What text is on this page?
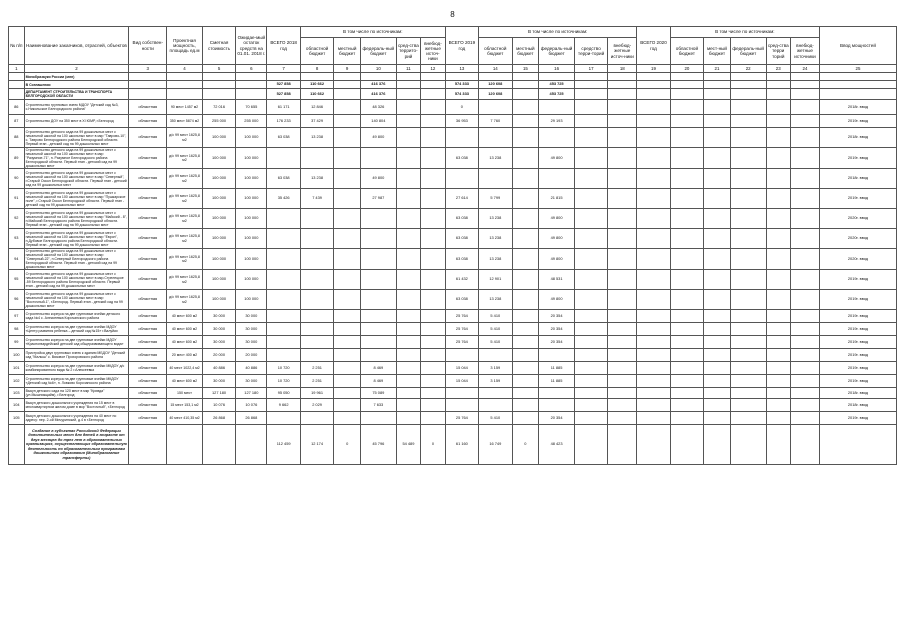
8
№ п/п	Наименование заказчиков, отраслей, объектов	Вид собствен-ности	Проектная мощность, площадь ед.м	Сметная стоимость	Ожидае-мый остаток средств на 01.01. 2018 г.	ВСЕГО 2018 год	В том числе по источникам:					ВСЕГО 2019 год	В том числе по источникам:					ВСЕГО 2020 год	В том числе по источникам:					Ввод мощностей
							областной бюджет	местный бюджет	федераль-ный бюджет	сред-ства террито-рий	внебюд-жетные источ-ники		областной бюджет	местный бюджет	федераль-ный бюджет	средство терри-торий	внебюд-жетные источ-ники		областной бюджет	мест-ный бюджет	федераль-ный бюджет	сред-ства терри торий	внебюд-жетные источники	
1	2	3	4	5	6	7	8	9	10	11	12	13	14	15	16	17	18	19	20	21	22	23	24	25
	Минобразауки России (млн)																							
	В Соглашении					527 858	110 662		416 376			574 333	120 608		453 725									
	ДЕПАРТАМЕНТ СТРОИТЕЛЬСТВА И ТРАНСПОРТА БЕЛГОРОДСКОЙ ОБЛАСТИ					527 858	110 662		416 376			574 333	120 608		453 725									
86	Строительство групповых ячеек МДОУ "Детский сад №3, с.Никольское Белгородского района"	областная	90 мест 1457 м2	72 016	70 655	61 171	12 846		48 326			0												2018г. ввод
87	Строительство ДОУ на 350 мест в XI ЮМР, г.Белгород	областная	350 мест 5874 м2	255 000	255 000	176 233	37 429		140 804			36 953	7 760		29 193									2019г. ввод
88	Строительство детского сада на 99 дошкольных мест с начальной школой на 100 школьных мест в мкр "Таврово-10", с. Таврово Белгородского района Белгородской области. Первый этап - детский сад на 99 дошкольных мест	областная	д/с 99 мест 1625,8 м2	100 000	100 000	63 038	13 238		49 800															2018г. ввод
89	Строительство детского сада на 99 дошкольных мест с начальной школой на 100 школьных мест в мкр "Разумное-71", п. Разумное Белгородского района Белгородской области. Первый этап - детский сад на 99 дошкольных мест	областная	д/с 99 мест 1625,8 м2	100 000	100 000							63 038	13 238		49 800									2019г. ввод
90	Строительство детского сада на 99 дошкольных мест с начальной школой на 100 школьных мест в мкр "Северный", г.Старый Оскол Белгородской области. Первый этап - детский сад на 99 дошкольных мест	областная	д/с 99 мест 1625,8 м2	100 000	100 000	63 038	13 238		49 800															2018г. ввод
91	Строительство детского сада на 99 дошкольных мест с начальной школой на 100 школьных мест в мкр "Пушкарское поле", г.Старый Оскол Белгородской области. Первый этап - детский сад на 99 дошкольных мест	областная	д/с 99 мест 1625,8 м2	100 000	100 000	35 426	7 439		27 987			27 614	5 799		21 815									2019г. ввод
92	Строительство детского сада на 99 дошкольных мест с начальной школой на 100 школьных мест в мкр "Майский - 8", п.Майский Белгородского района Белгородской области. Первый этап - детский сад на 99 дошкольных мест	областная	д/с 99 мест 1625,8 м2	100 000	100 000							63 038	13 238		49 800									2020г. ввод
93	Строительство детского сада на 99 дошкольных мест с начальной школой на 100 школьных мест в мкр "Европ", п.Дубовое Белгородского района Белгородской области. Первый этап - детский сад на 99 дошкольных мест	областная	д/с 99 мест 1625,8 м2	100 000	100 000							63 038	13 238		49 800									2020г. ввод
94	Строительство детского сада на 99 дошкольных мест с начальной школой на 100 школьных мест в мкр "Северный-22", п.Северный Белгородского района Белгородской области. Первый этап - детский сад на 99 дошкольных мест	областная	д/с 99 мест 1625,8 м2	100 000	100 000							63 038	13 238		49 800									2020г. ввод
95	Строительство детского сада на 99 дошкольных мест с начальной школой на 100 школьных мест в мкр.Стрелецкое -59 Белгородского района Белгородской области. Первый этап - детский сад на 99 дошкольных мест	областная	д/с 99 мест 1625,8 м2	100 000	100 000							61 432	12 901		48 531									2019г. ввод
96	Строительство детского сада на 99 дошкольных мест с начальной школой на 100 школьных мест в мкр "Восточный-1", г.Белгород. Первый этап - детский сад на 99 дошкольных мест	областная	д/с 99 мест 1625,8 м2	100 000	100 000							63 038	13 238		49 800									2019г. ввод
97	Строительство корпуса на две групповые ячейки детского сада №4 с. Алексеевка Корочанского района	областная	40 мест 600 м2	30 000	30 000							25 764	5 410		20 354									2019г. ввод
98	Строительство корпуса на две групповые ячейки МДОУ «Центр развития ребенка – детский сад №15» г.Валуйки	областная	40 мест 600 м2	30 000	30 000							25 764	5 410		20 354									2019г. ввод
99	Строительство корпуса на две групповые ячейки МДОУ «Красногвардейский детский сад общеразвивающего вида»	областная	40 мест 600 м2	30 000	30 000							25 764	5 410		20 354									2019г. ввод
100	Пристройка двух групповых ячеек к зданию МБДОУ "Детский сад "Малыш" с. Вязовое Прохоровского района	областная	20 мест 400 м2	20 000	20 000																			2019г. ввод
101	Строительство корпуса на две групповые ячейки МКДОУ д/с комбинированного вида № 2 г.Алексеевка	областная	40 мест 1022,4 м2	40 886	40 886	10 720	2 251		8 469			15 044	3 159		11 885									2019г. ввод
102	Строительство корпуса на две групповые ячейки МКДОУ «Детский сад №6», п. Ловково Корочанского района	областная	40 мест 600 м2	30 000	30 000	10 720	2 251		8 469			15 044	3 159		11 885									2019г. ввод
103	Выкуп детского сада на 120 мест в мкр "Кривда" (ул.Мышникщайм), г.Белгород	областная	150 мест	127 180	127 180	95 050	19 961		75 089															2018г. ввод
104	Выкуп детского дошкольного учреждения на 15 мест в многоквартирном жилом доме в мкр "Восточный", г.Белгород	областная	15 мест 153,1 м2	10 076	10 076	9 662	2 029		7 633															2018г. ввод
105	Выкуп детского дошкольного учреждения на 40 мест по адресу: пер. 2-ой Мичуринский, д.4 в г.Белгород	областная	40 мест 410,35 м2	26 868	26 868							25 764	5 410		20 354									2019г. ввод
	Создание в субъектах Российской Федерации дополнительных мест для детей в возрасте от двух месяцев до трех лет в образовательных организациях, осуществляющих образовательную деятельность по образовательным программам дошкольного образования (Минобразование трансферты)					112 459	12 174	0	45 796	54 489	0	61 160	16 749	0	48 423									
